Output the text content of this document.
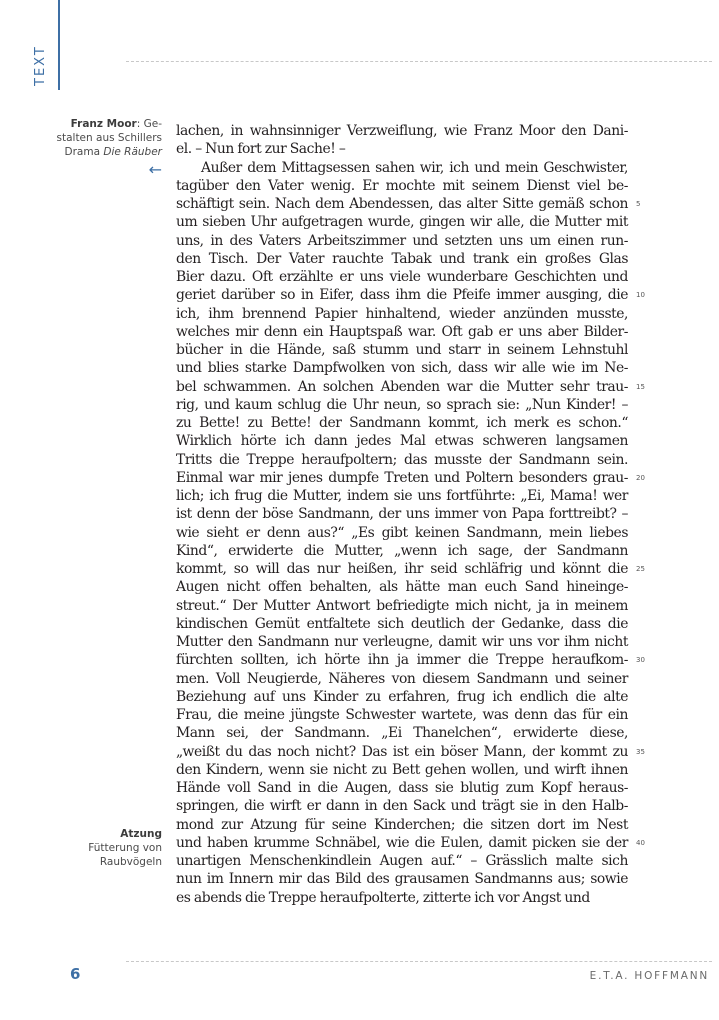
TEXT
Franz Moor: Ge-
stalten aus Schillers
Drama Die Räuber
←
Atzung
Fütterung von
Raubvögeln
lachen, in wahnsinniger Verzweiflung, wie Franz Moor den Dani-
el. – Nun fort zur Sache! –
Außer dem Mittagsessen sahen wir, ich und mein Geschwister,
tagüber den Vater wenig. Er mochte mit seinem Dienst viel be-
schäftigt sein. Nach dem Abendessen, das alter Sitte gemäß schon
um sieben Uhr aufgetragen wurde, gingen wir alle, die Mutter mit
uns, in des Vaters Arbeitszimmer und setzten uns um einen run-
den Tisch. Der Vater rauchte Tabak und trank ein großes Glas
Bier dazu. Oft erzählte er uns viele wunderbare Geschichten und
geriet darüber so in Eifer, dass ihm die Pfeife immer ausging, die
ich, ihm brennend Papier hinhaltend, wieder anzünden musste,
welches mir denn ein Hauptspaß war. Oft gab er uns aber Bilder-
bücher in die Hände, saß stumm und starr in seinem Lehnstuhl
und blies starke Dampfwolken von sich, dass wir alle wie im Ne-
bel schwammen. An solchen Abenden war die Mutter sehr trau-
rig, und kaum schlug die Uhr neun, so sprach sie: „Nun Kinder! –
zu Bette! zu Bette! der Sandmann kommt, ich merk es schon.“
Wirklich hörte ich dann jedes Mal etwas schweren langsamen
Tritts die Treppe heraufpoltern; das musste der Sandmann sein.
Einmal war mir jenes dumpfe Treten und Poltern besonders grau-
lich; ich frug die Mutter, indem sie uns fortführte: „Ei, Mama! wer
ist denn der böse Sandmann, der uns immer von Papa forttreibt? –
wie sieht er denn aus?“ „Es gibt keinen Sandmann, mein liebes
Kind“, erwiderte die Mutter, „wenn ich sage, der Sandmann
kommt, so will das nur heißen, ihr seid schläfrig und könnt die
Augen nicht offen behalten, als hätte man euch Sand hineinge-
streut.“ Der Mutter Antwort befriedigte mich nicht, ja in meinem
kindischen Gemüt entfaltete sich deutlich der Gedanke, dass die
Mutter den Sandmann nur verleugne, damit wir uns vor ihm nicht
fürchten sollten, ich hörte ihn ja immer die Treppe heraufkom-
men. Voll Neugierde, Näheres von diesem Sandmann und seiner
Beziehung auf uns Kinder zu erfahren, frug ich endlich die alte
Frau, die meine jüngste Schwester wartete, was denn das für ein
Mann sei, der Sandmann. „Ei Thanelchen“, erwiderte diese,
„weißt du das noch nicht? Das ist ein böser Mann, der kommt zu
den Kindern, wenn sie nicht zu Bett gehen wollen, und wirft ihnen
Hände voll Sand in die Augen, dass sie blutig zum Kopf heraus-
springen, die wirft er dann in den Sack und trägt sie in den Halb-
mond zur Atzung für seine Kinderchen; die sitzen dort im Nest
und haben krumme Schnäbel, wie die Eulen, damit picken sie der
unartigen Menschenkindlein Augen auf.“ – Grässlich malte sich
nun im Innern mir das Bild des grausamen Sandmanns aus; sowie
es abends die Treppe heraufpolterte, zitterte ich vor Angst und
5
10
15
20
25
30
35
40
6	E.T.A. HOFFMANN
